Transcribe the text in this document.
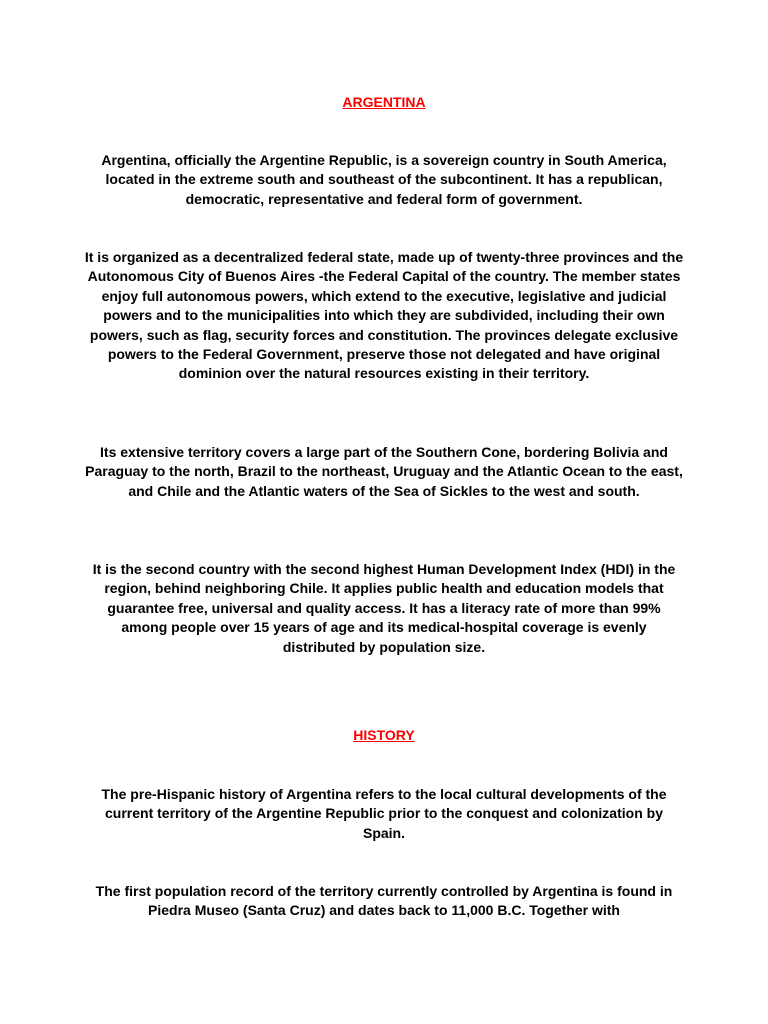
ARGENTINA

Argentina, officially the Argentine Republic, is a sovereign country in South America, located in the extreme south and southeast of the subcontinent. It has a republican, democratic, representative and federal form of government.

It is organized as a decentralized federal state, made up of twenty-three provinces and the Autonomous City of Buenos Aires -the Federal Capital of the country. The member states enjoy full autonomous powers, which extend to the executive, legislative and judicial powers and to the municipalities into which they are subdivided, including their own powers, such as flag, security forces and constitution. The provinces delegate exclusive powers to the Federal Government, preserve those not delegated and have original dominion over the natural resources existing in their territory.

Its extensive territory covers a large part of the Southern Cone, bordering Bolivia and Paraguay to the north, Brazil to the northeast, Uruguay and the Atlantic Ocean to the east, and Chile and the Atlantic waters of the Sea of Sickles to the west and south.

It is the second country with the second highest Human Development Index (HDI) in the region, behind neighboring Chile. It applies public health and education models that guarantee free, universal and quality access. It has a literacy rate of more than 99% among people over 15 years of age and its medical-hospital coverage is evenly distributed by population size.

HISTORY

The pre-Hispanic history of Argentina refers to the local cultural developments of the current territory of the Argentine Republic prior to the conquest and colonization by Spain.

The first population record of the territory currently controlled by Argentina is found in Piedra Museo (Santa Cruz) and dates back to 11,000 B.C. Together with
